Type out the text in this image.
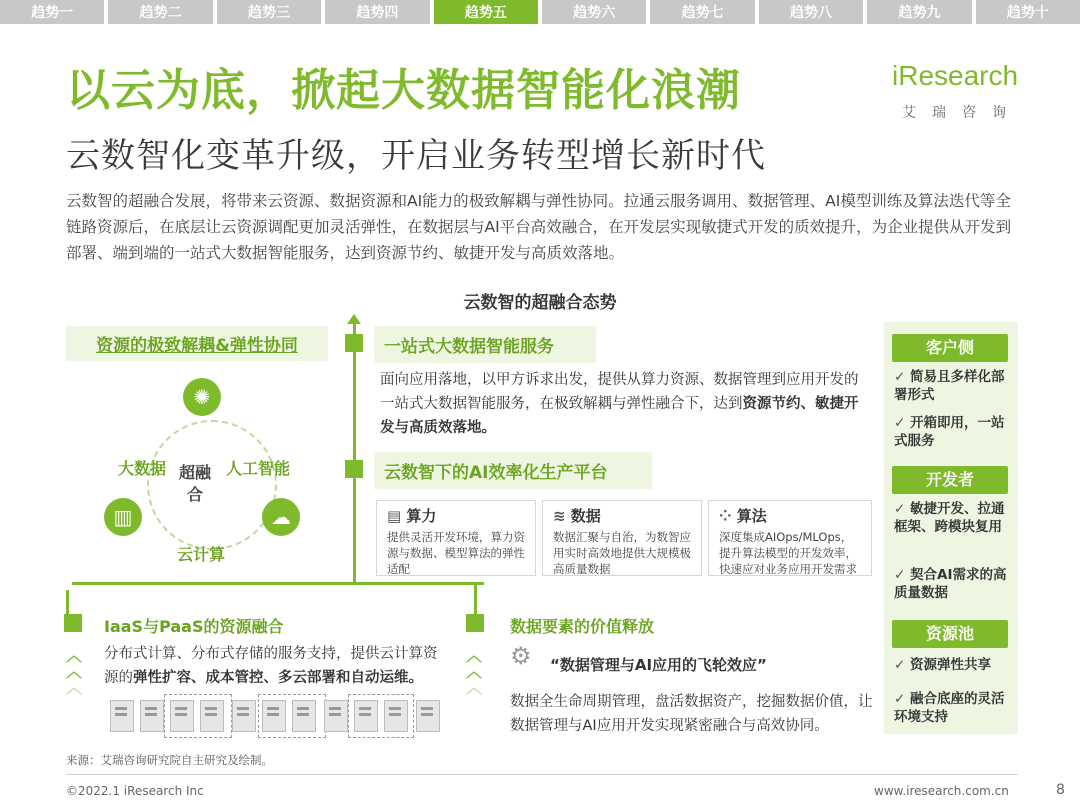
趋势一	趋势二	趋势三	趋势四	趋势五	趋势六	趋势七	趋势八	趋势九	趋势十
以云为底，掀起大数据智能化浪潮
云数智化变革升级，开启业务转型增长新时代
iResearch
艾瑞咨询
云数智的超融合发展，将带来云资源、数据资源和AI能力的极致解耦与弹性协同。拉通云服务调用、数据管理、AI模型训练及算法迭代等全链路资源后，在底层让云资源调配更加灵活弹性，在数据层与AI平台高效融合，在开发层实现敏捷式开发的质效提升，为企业提供从开发到部署、端到端的一站式大数据智能服务，达到资源节约、敏捷开发与高质效落地。
云数智的超融合态势
资源的极致解耦&弹性协同
超融合
✺
▥	☁
人工智能
大数据
云计算
一站式大数据智能服务
面向应用落地，以甲方诉求出发，提供从算力资源、数据管理到应用开发的一站式大数据智能服务，在极致解耦与弹性融合下，达到资源节约、敏捷开发与高质效落地。
云数智下的AI效率化生产平台
▤ 算力
提供灵活开发环境，算力资源与数据、模型算法的弹性适配
≋ 数据
数据汇聚与自治，为数智应用实时高效地提供大规模极高质量数据
⁘ 算法
深度集成AIOps/MLOps，提升算法模型的开发效率，快速应对业务应用开发需求
IaaS与PaaS的资源融合
︿
︿
︿
分布式计算、分布式存储的服务支持，提供云计算资源的弹性扩容、成本管控、多云部署和自动运维。
数据要素的价值释放
︿
︿
︿
⚙ “数据管理与AI应用的飞轮效应”
数据全生命周期管理，盘活数据资产，挖掘数据价值，让数据管理与AI应用开发实现紧密融合与高效协同。
客户侧
✓ 简易且多样化部署形式
✓ 开箱即用，一站式服务
开发者
✓ 敏捷开发、拉通框架、跨模块复用
✓ 契合AI需求的高质量数据
资源池
✓ 资源弹性共享
✓ 融合底座的灵活环境支持
来源：艾瑞咨询研究院自主研究及绘制。
©2022.1 iResearch Inc	www.iresearch.com.cn	8
